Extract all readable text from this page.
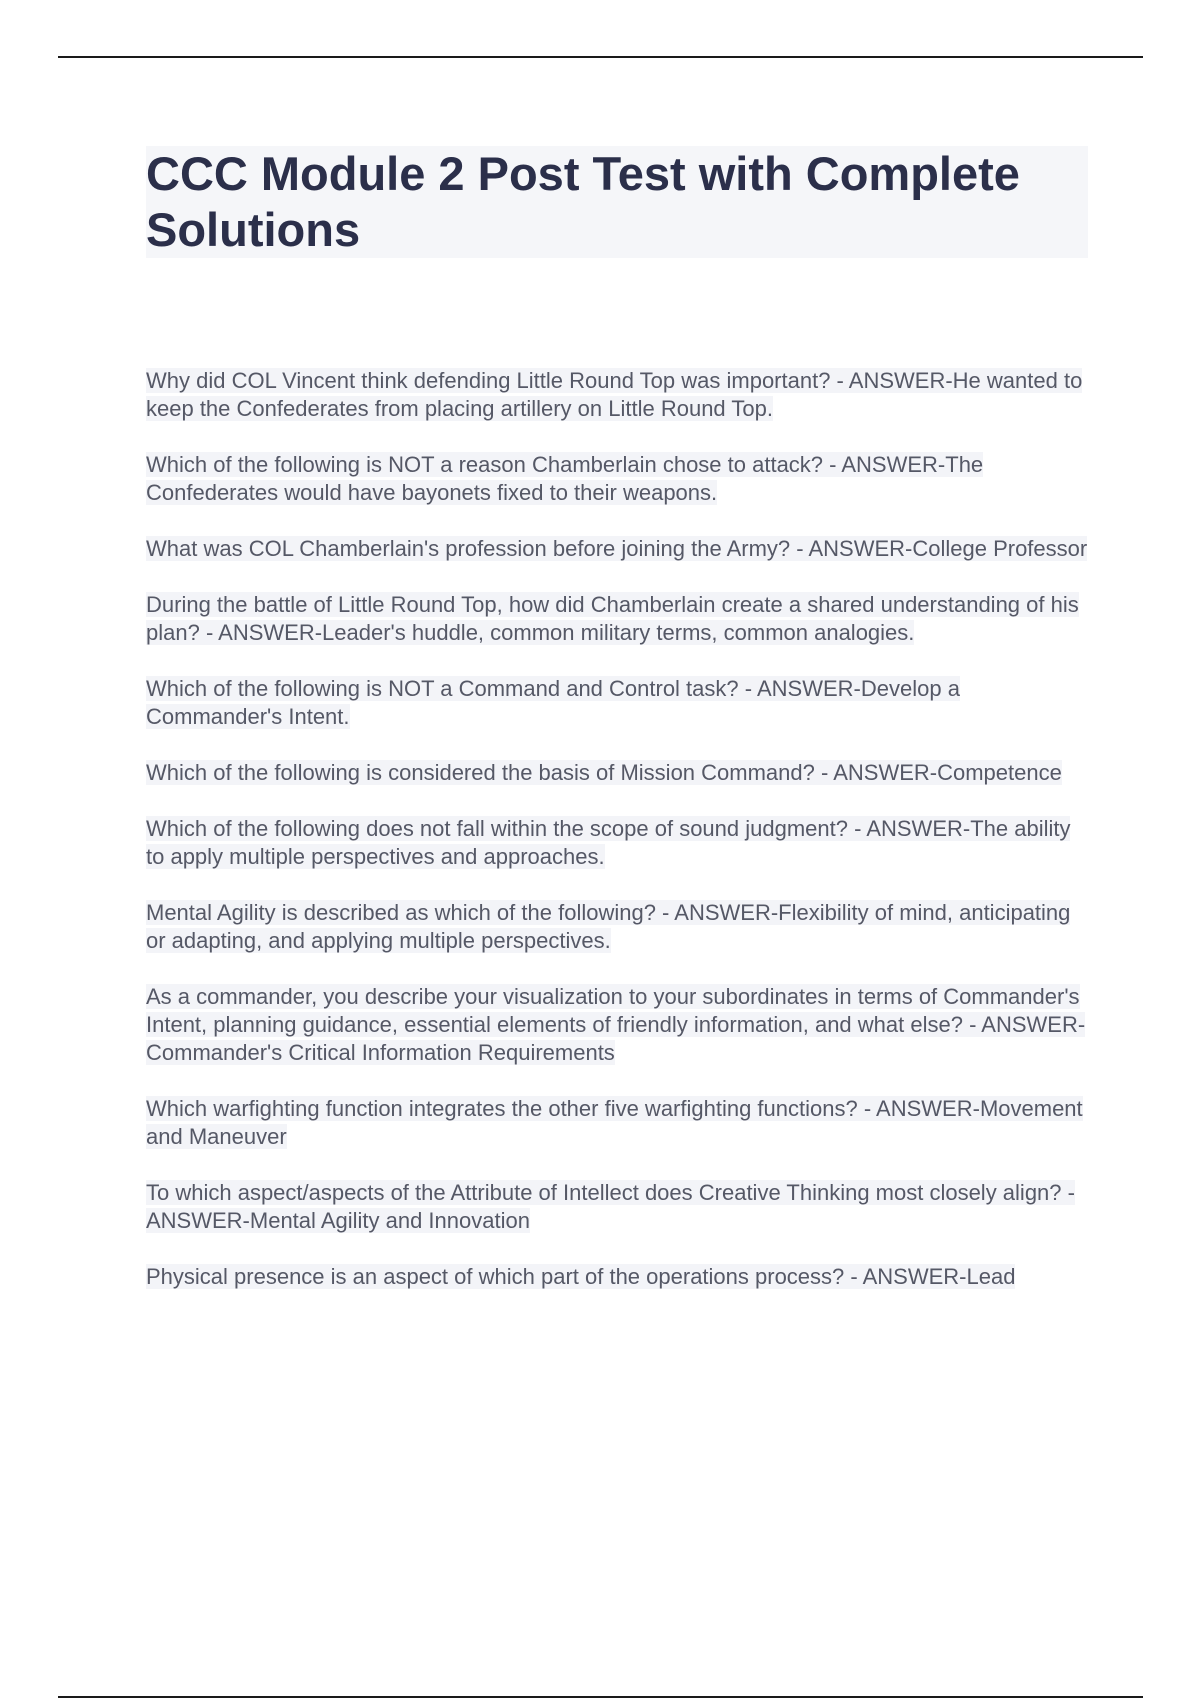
CCC Module 2 Post Test with Complete Solutions

Why did COL Vincent think defending Little Round Top was important? - ANSWER-He wanted to keep the Confederates from placing artillery on Little Round Top.

Which of the following is NOT a reason Chamberlain chose to attack? - ANSWER-The Confederates would have bayonets fixed to their weapons.

What was COL Chamberlain's profession before joining the Army? - ANSWER-College Professor

During the battle of Little Round Top, how did Chamberlain create a shared understanding of his plan? - ANSWER-Leader's huddle, common military terms, common analogies.

Which of the following is NOT a Command and Control task? - ANSWER-Develop a Commander's Intent.

Which of the following is considered the basis of Mission Command? - ANSWER-Competence

Which of the following does not fall within the scope of sound judgment? - ANSWER-The ability to apply multiple perspectives and approaches.

Mental Agility is described as which of the following? - ANSWER-Flexibility of mind, anticipating or adapting, and applying multiple perspectives.

As a commander, you describe your visualization to your subordinates in terms of Commander's Intent, planning guidance, essential elements of friendly information, and what else? - ANSWER-Commander's Critical Information Requirements

Which warfighting function integrates the other five warfighting functions? - ANSWER-Movement and Maneuver

To which aspect/aspects of the Attribute of Intellect does Creative Thinking most closely align? - ANSWER-Mental Agility and Innovation

Physical presence is an aspect of which part of the operations process? - ANSWER-Lead
